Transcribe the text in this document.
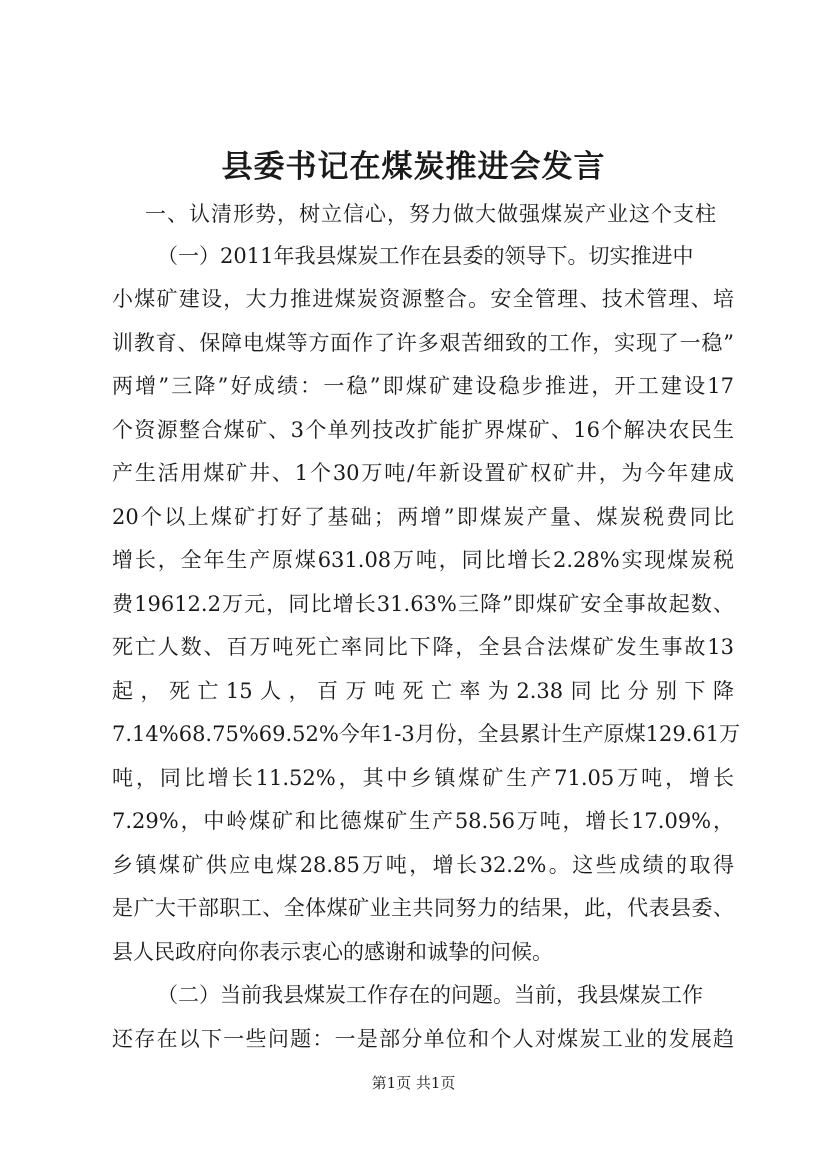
县委书记在煤炭推进会发言
一、认清形势，树立信心，努力做大做强煤炭产业这个支柱
（一）2011年我县煤炭工作在县委的领导下。切实推进中
小煤矿建设，大力推进煤炭资源整合。安全管理、技术管理、培
训教育、保障电煤等方面作了许多艰苦细致的工作，实现了一稳”
两增”三降”好成绩：一稳”即煤矿建设稳步推进，开工建设17
个资源整合煤矿、3个单列技改扩能扩界煤矿、16个解决农民生
产生活用煤矿井、1个30万吨/年新设置矿权矿井，为今年建成
20个以上煤矿打好了基础；两增”即煤炭产量、煤炭税费同比
增长，全年生产原煤631.08万吨，同比增长2.28%实现煤炭税
费19612.2万元，同比增长31.63%三降”即煤矿安全事故起数、
死亡人数、百万吨死亡率同比下降，全县合法煤矿发生事故13
起，死亡15人，百万吨死亡率为2.38同比分别下降
7.14%68.75%69.52%今年1-3月份，全县累计生产原煤129.61万
吨，同比增长11.52%，其中乡镇煤矿生产71.05万吨，增长
7.29%，中岭煤矿和比德煤矿生产58.56万吨，增长17.09%，
乡镇煤矿供应电煤28.85万吨，增长32.2%。这些成绩的取得
是广大干部职工、全体煤矿业主共同努力的结果，此，代表县委、
县人民政府向你表示衷心的感谢和诚挚的问候。
（二）当前我县煤炭工作存在的问题。当前，我县煤炭工作
还存在以下一些问题：一是部分单位和个人对煤炭工业的发展趋
第1页 共1页
